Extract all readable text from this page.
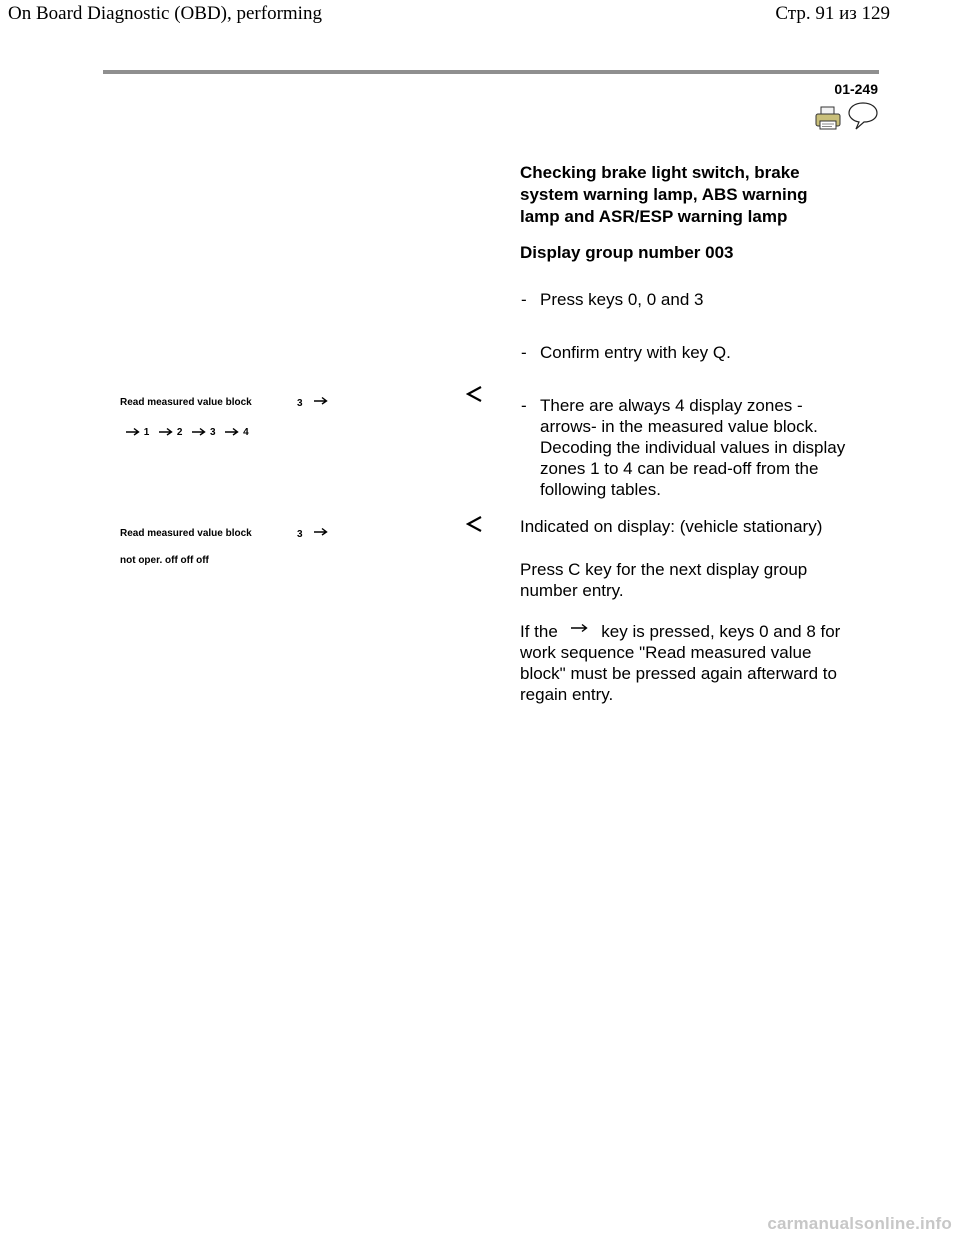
On Board Diagnostic (OBD), performing	Стр. 91 из 129
01-249
Checking brake light switch, brake
system warning lamp, ABS warning
lamp and ASR/ESP warning lamp
Display group number 003
- Press keys 0, 0 and 3
- Confirm entry with key Q.
- There are always 4 display zones -
arrows- in the measured value block.
Decoding the individual values in display
zones 1 to 4 can be read-off from the
following tables.
Read measured value block	3
1	2	3	4
Read measured value block	3
not oper. off off off
Indicated on display: (vehicle stationary)
Press C key for the next display group
number entry.
If the	key is pressed, keys 0 and 8 for
work sequence "Read measured value
block" must be pressed again afterward to
regain entry.
carmanualsonline.info
